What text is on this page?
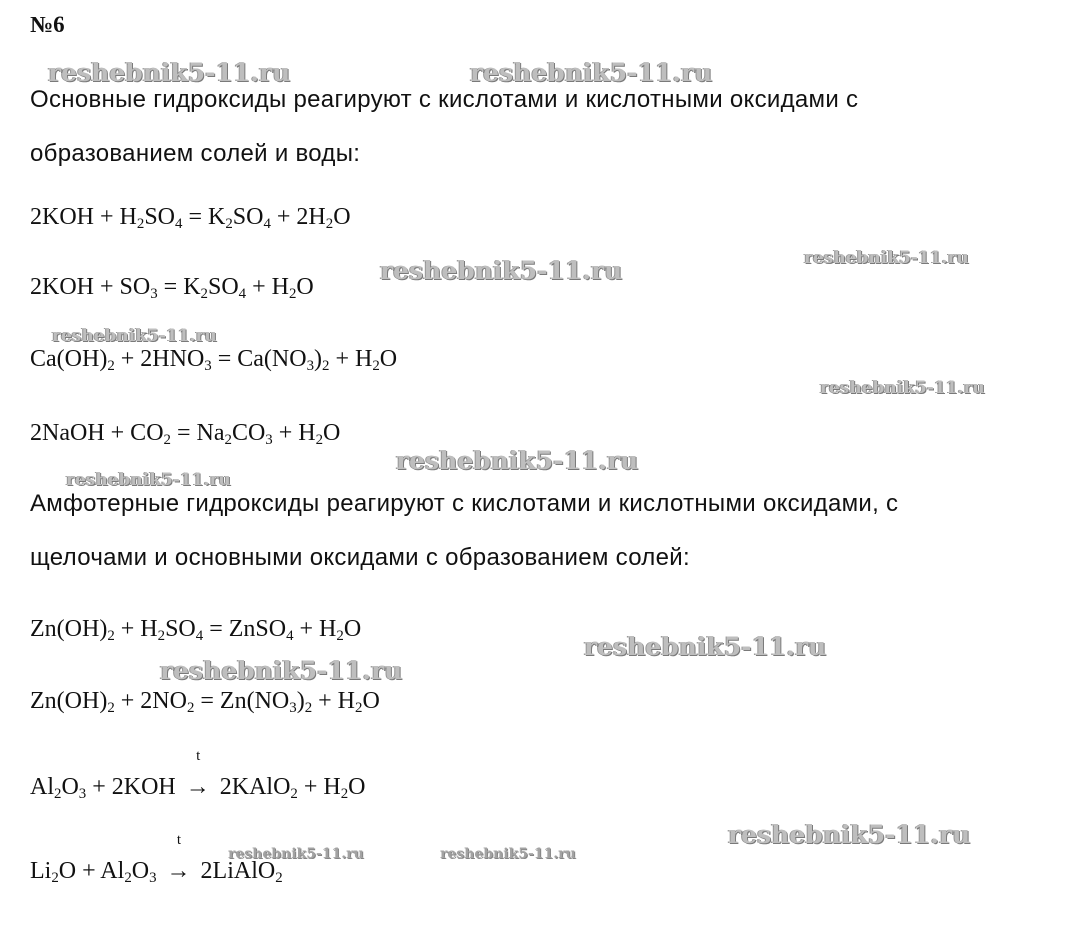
№6
Основные гидроксиды реагируют с кислотами и кислотными оксидами с
образованием солей и воды:
$2KOH + H_2SO_4 = K_2SO_4 + 2H_2O$
$2KOH + SO_3 = K_2SO_4 + H_2O$
$Ca(OH)_2 + 2HNO_3 = Ca(NO_3)_2 + H_2O$
2NaOH + $CO_2 = Na_2CO_3 + H_2O$
Амфотерные гидроксиды реагируют с кислотами и кислотными оксидами, с
щелочами и основными оксидами с образованием солей:
$Zn(OH)_2 + H_2SO_4$ = ZnSO$_4$ + $H_2O$
$Zn(OH)_2 + 2NO_2 = Zn(NO_3)_2 + H_2O$
$Al_2O_3 + 2KOH$
t
→ 2KAlO$_2$ + $H_2O$
$Li_2O + Al_2O_3$
t
→ 2LiAlO$_2$
reshebnik5-11.ru	reshebnik5-11.ru
reshebnik5-11.ru
reshebnik5-11.ru
reshebnik5-11.ru
reshebnik5-11.ru
reshebnik5-11.ru
reshebnik5-11.ru
reshebnik5-11.ru
reshebnik5-11.ru
reshebnik5-11.ru
reshebnik5-11.ru	reshebnik5-11.ru
